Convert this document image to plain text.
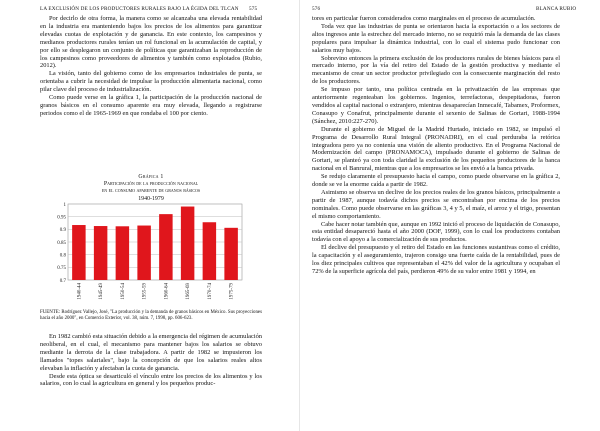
LA EXCLUSIÓN DE LOS PRODUCTORES RURALES BAJO LA ÉGIDA DEL TLCAN 575

Por decirlo de otra forma, la manera como se alcanzaba una elevada rentabilidad en la industria era manteniendo bajos los precios de los alimentos para garantizar elevadas cuotas de explotación y de ganancia. En este contexto, los campesinos y medianos productores rurales tenían un rol funcional en la acumulación de capital, y por ello se desplegaron un conjunto de políticas que garantizaban la reproducción de los campesinos como proveedores de alimentos y también como explotados (Rubio, 2012).

La visión, tanto del gobierno como de los empresarios industriales de punta, se orientaba a cubrir la necesidad de impulsar la producción alimentaria nacional, como pilar clave del proceso de industrialización.

Como puede verse en la gráfica 1, la participación de la producción nacional de granos básicos en el consumo aparente era muy elevada, llegando a registrarse periodos como el de 1965-1969 en que rondaba el 100 por ciento.

Gráfica 1
Participación de la producción nacional
en el consumo aparente de granos básicos
1940-1979
0.7
0.75
0.8
0.85
0.9
0.95
1
1940-44	1945-49	1950-54	1955-59	1960-64	1965-69	1970-74	1975-79
FUENTE: Rodríguez Vallejo, José, "La producción y la demanda de granos básicos en México. Sus proyecciones hacia el año 2000", en Comercio Exterior, vol. 38, núm. 7, 1998, pp. 606-623.

En 1982 cambió esta situación debido a la emergencia del régimen de acumulación neoliberal, en el cual, el mecanismo para mantener bajos los salarios se obtuvo mediante la derrota de la clase trabajadora. A partir de 1982 se impusieron los llamados "topes salariales", bajo la concepción de que los salarios reales altos elevaban la inflación y afectaban la cuota de ganancia.

Desde esta óptica se desarticuló el vínculo entre los precios de los alimentos y los salarios, con lo cual la agricultura en general y los pequeños produc-

576	BLANCA RUBIO

tores en particular fueron considerados como marginales en el proceso de acumulación.

Toda vez que las industrias de punta se orientaron hacia la exportación o a los sectores de altos ingresos ante la estrechez del mercado interno, no se requirió más la demanda de las clases populares para impulsar la dinámica industrial, con lo cual el sistema pudo funcionar con salarios muy bajos.

Sobrevino entonces la primera exclusión de los productores rurales de bienes básicos para el mercado interno, por la vía del retiro del Estado de la gestión productiva y mediante el mecanismo de crear un sector productor privilegiado con la consecuente marginación del resto de los productores.

Se impuso por tanto, una política centrada en la privatización de las empresas que anteriormente regenteaban los gobiernos. Ingenios, terrefactoras, despepitadoras, fueron vendidos al capital nacional o extranjero, mientras desaparecían Inmecafé, Tabamex, Proformex, Conasupo y Conafrut, principalmente durante el sexenio de Salinas de Gortari, 1988-1994 (Sánchez, 2010:227-270).

Durante el gobierno de Miguel de la Madrid Hurtado, iniciado en 1982, se impulsó el Programa de Desarrollo Rural Integral (PRONADRI), en el cual perduraba la retórica integradora pero ya no contenía una visión de aliento productivo. En el Programa Nacional de Modernización del campo (PRONAMOCA), impulsado durante el gobierno de Salinas de Gortari, se planteó ya con toda claridad la exclusión de los pequeños productores de la banca nacional en el Banrural, mientras que a los empresarios se les envió a la banca privada.

Se redujo claramente el presupuesto hacia el campo, como puede observarse en la gráfica 2, donde se ve la enorme caída a partir de 1982.

Asimismo se observa un declive de los precios reales de los granos básicos, principalmente a partir de 1987, aunque todavía dichos precios se encontraban por encima de los precios nominales. Como puede observarse en las gráficas 3, 4 y 5, el maíz, el arroz y el trigo, presentan el mismo comportamiento.

Cabe hacer notar también que, aunque en 1992 inició el proceso de liquidación de Conasupo, esta entidad desapareció hasta el año 2000 (DOF, 1999), con lo cual los productores contaban todavía con el apoyo a la comercialización de sus productos.

El declive del presupuesto y el retiro del Estado en las funciones sustantivas como el crédito, la capacitación y el aseguramiento, trajeron consigo una fuerte caída de la rentabilidad, pues de los diez principales cultivos que representaban el 42% del valor de la agricultura y ocupaban el 72% de la superficie agrícola del país, perdieron 49% de su valor entre 1981 y 1994, en
